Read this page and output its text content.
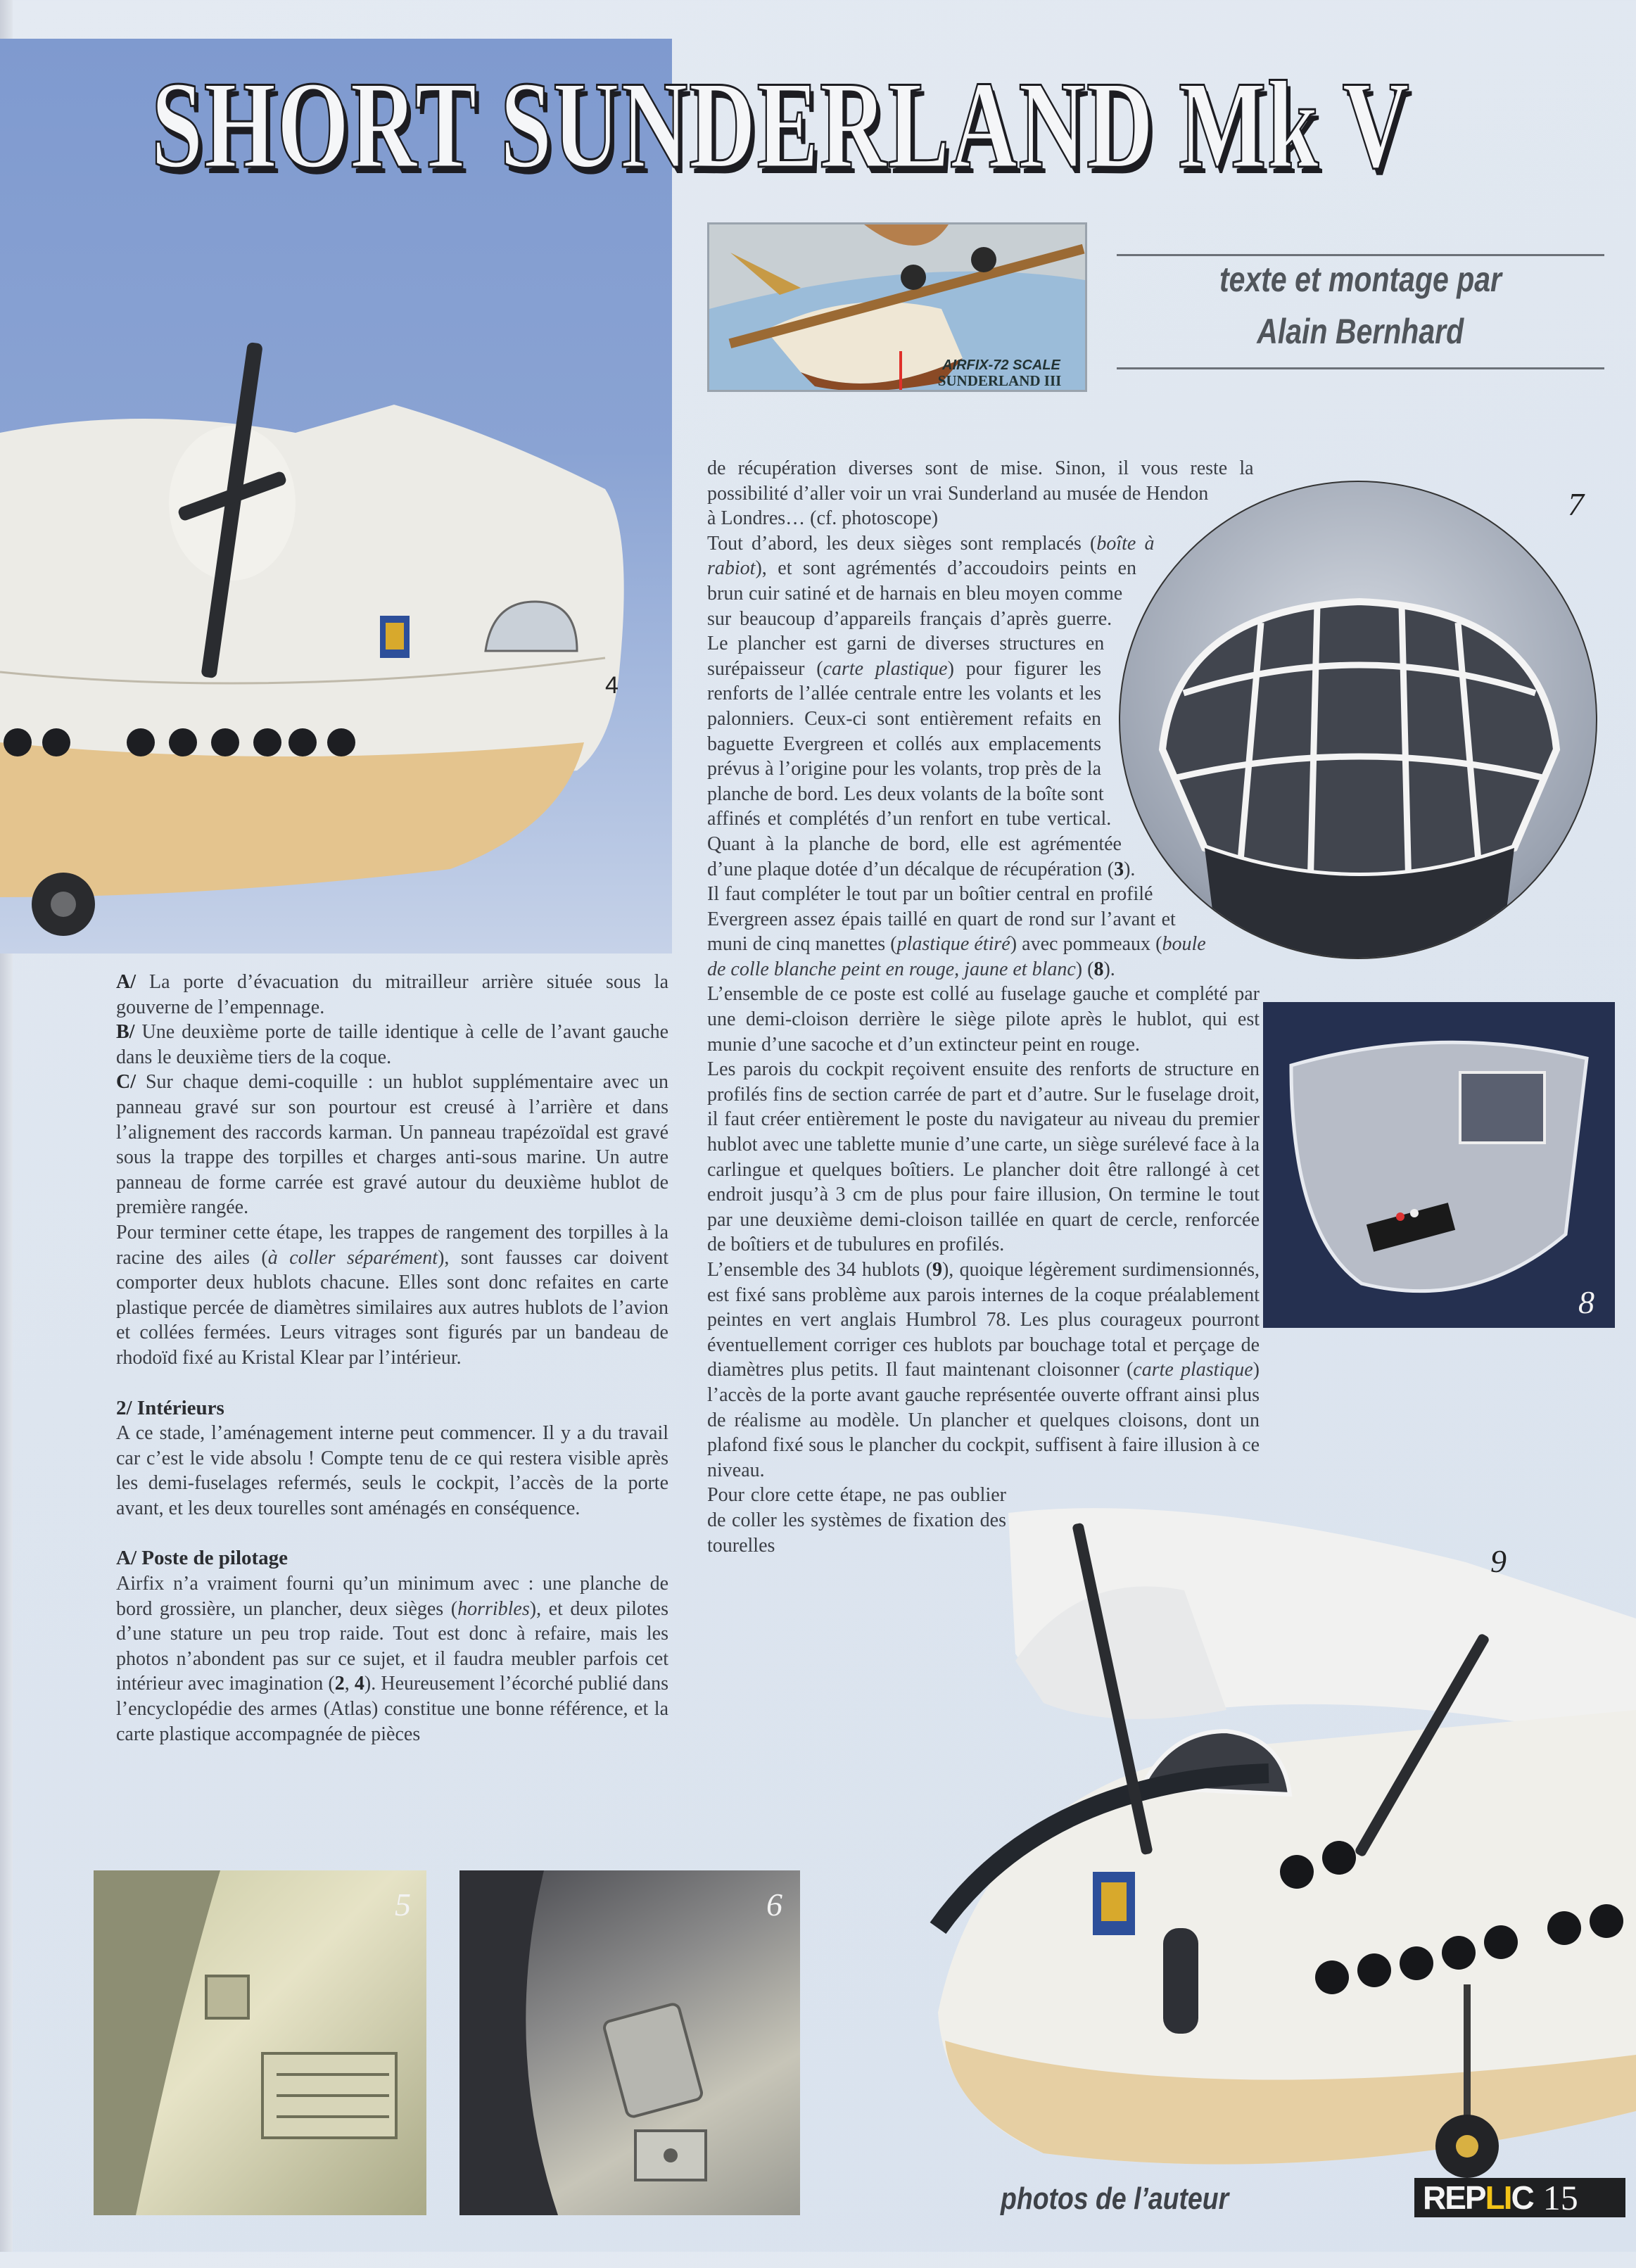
4
SHORT SUNDERLAND Mk V
AIRFIX-72 SCALE
SUNDERLAND III
texte et montage par
Alain Bernhard

A/ La porte d’évacuation du mitrailleur arrière située sous la gouverne de l’empennage.

B/ Une deuxième porte de taille identique à celle de l’avant gauche dans le deuxième tiers de la coque.

C/ Sur chaque demi-coquille : un hublot supplémentaire avec un panneau gravé sur son pourtour est creusé à l’arrière et dans l’alignement des raccords karman. Un panneau trapézoïdal est gravé sous la trappe des torpilles et charges anti-sous marine. Un autre panneau de forme carrée est gravé autour du deuxième hublot de première rangée.

Pour terminer cette étape, les trappes de rangement des torpilles à la racine des ailes (à coller séparément), sont fausses car doivent comporter deux hublots chacune. Elles sont donc refaites en carte plastique percée de diamètres similaires aux autres hublots de l’avion et collées fermées. Leurs vitrages sont figurés par un bandeau de rhodoïd fixé au Kristal Klear par l’intérieur.

2/ Intérieurs

A ce stade, l’aménagement interne peut commencer. Il y a du travail car c’est le vide absolu ! Compte tenu de ce qui restera visible après les demi-fuselages refermés, seuls le cockpit, l’accès de la porte avant, et les deux tourelles sont aménagés en conséquence.

A/ Poste de pilotage

Airfix n’a vraiment fourni qu’un minimum avec : une planche de bord grossière, un plancher, deux sièges (horribles), et deux pilotes d’une stature un peu trop raide. Tout est donc à refaire, mais les photos n’abondent pas sur ce sujet, et il faudra meubler parfois cet intérieur avec imagination (2, 4). Heureusement l’écorché publié dans l’encyclopédie des armes (Atlas) constitue une bonne référence, et la carte plastique accompagnée de pièces

de récupération diverses sont de mise. Sinon, il vous reste la possibilité d’aller voir un vrai Sunderland au musée de Hendon à Londres… (cf. photoscope)

Tout d’abord, les deux sièges sont remplacés (boîte à rabiot), et sont agrémentés d’accoudoirs peints en brun cuir satiné et de harnais en bleu moyen comme sur beaucoup d’appareils français d’après guerre. Le plancher est garni de diverses structures en surépaisseur (carte plastique) pour figurer les renforts de l’allée centrale entre les volants et les palonniers. Ceux-ci sont entièrement refaits en baguette Evergreen et collés aux emplacements prévus à l’origine pour les volants, trop près de la planche de bord. Les deux volants de la boîte sont affinés et complétés d’un renfort en tube vertical. Quant à la planche de bord, elle est agrémentée d’une plaque dotée d’un décalque de récupération (3). Il faut compléter le tout par un boîtier central en profilé Evergreen assez épais taillé en quart de rond sur l’avant et muni de cinq manettes (plastique étiré) avec pommeaux (boule de colle blanche peint en rouge, jaune et blanc) (8).

L’ensemble de ce poste est collé au fuselage gauche et complété par une demi-cloison derrière le siège pilote après le hublot, qui est munie d’une sacoche et d’un extincteur peint en rouge.

Les parois du cockpit reçoivent ensuite des renforts de structure en profilés fins de section carrée de part et d’autre. Sur le fuselage droit, il faut créer entièrement le poste du navigateur au niveau du premier hublot avec une tablette munie d’une carte, un siège surélevé face à la carlingue et quelques boîtiers. Le plancher doit être rallongé à cet endroit jusqu’à 3 cm de plus pour faire illusion, On termine le tout par une deuxième demi-cloison taillée en quart de cercle, renforcée de boîtiers et de tubulures en profilés.

L’ensemble des 34 hublots (9), quoique légèrement surdimensionnés, est fixé sans problème aux parois internes de la coque préalablement peintes en vert anglais Humbrol 78. Les plus courageux pourront éventuellement corriger ces hublots par bouchage total et perçage de diamètres plus petits. Il faut maintenant cloisonner (carte plastique) l’accès de la porte avant gauche représentée ouverte offrant ainsi plus de réalisme au modèle. Un plancher et quelques cloisons, dont un plafond fixé sous le plancher du cockpit, suffisent à faire illusion à ce niveau.

Pour clore cette étape, ne pas oublier de coller les systèmes de fixation des tourelles

7
8
9
5	6
photos de l’auteur	REPLIC 15
